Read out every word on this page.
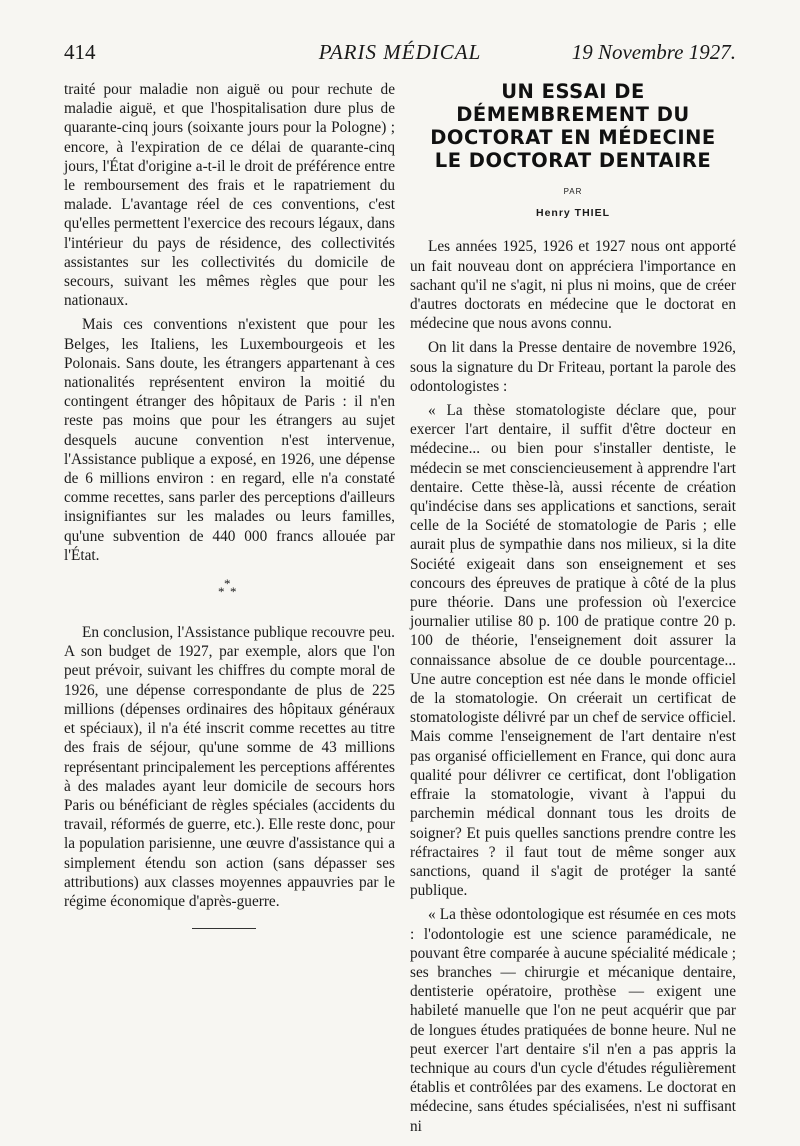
414	PARIS MÉDICAL	19 Novembre 1927.

traité pour maladie non aiguë ou pour rechute de maladie aiguë, et que l'hospitalisation dure plus de quarante-cinq jours (soixante jours pour la Pologne) ; encore, à l'expiration de ce délai de quarante-cinq jours, l'État d'origine a-t-il le droit de préférence entre le remboursement des frais et le rapatriement du malade. L'avantage réel de ces conventions, c'est qu'elles permettent l'exercice des recours légaux, dans l'intérieur du pays de résidence, des collectivités assistantes sur les collectivités du domicile de secours, suivant les mêmes règles que pour les nationaux.

Mais ces conventions n'existent que pour les Belges, les Italiens, les Luxembourgeois et les Polonais. Sans doute, les étrangers appartenant à ces nationalités représentent environ la moitié du contingent étranger des hôpitaux de Paris : il n'en reste pas moins que pour les étrangers au sujet desquels aucune convention n'est intervenue, l'Assistance publique a exposé, en 1926, une dépense de 6 millions environ : en regard, elle n'a constaté comme recettes, sans parler des perceptions d'ailleurs insignifiantes sur les malades ou leurs familles, qu'une subvention de 440 000 francs allouée par l'État.

*
* *

En conclusion, l'Assistance publique recouvre peu. A son budget de 1927, par exemple, alors que l'on peut prévoir, suivant les chiffres du compte moral de 1926, une dépense correspondante de plus de 225 millions (dépenses ordinaires des hôpitaux généraux et spéciaux), il n'a été inscrit comme recettes au titre des frais de séjour, qu'une somme de 43 millions représentant principalement les perceptions afférentes à des malades ayant leur domicile de secours hors Paris ou bénéficiant de règles spéciales (accidents du travail, réformés de guerre, etc.). Elle reste donc, pour la population parisienne, une œuvre d'assistance qui a simplement étendu son action (sans dépasser ses attributions) aux classes moyennes appauvries par le régime économique d'après-guerre.

UN ESSAI DE
DÉMEMBREMENT DU
DOCTORAT EN MÉDECINE
LE DOCTORAT DENTAIRE
PAR
Henry THIEL

Les années 1925, 1926 et 1927 nous ont apporté un fait nouveau dont on appréciera l'importance en sachant qu'il ne s'agit, ni plus ni moins, que de créer d'autres doctorats en médecine que le doctorat en médecine que nous avons connu.

On lit dans la Presse dentaire de novembre 1926, sous la signature du Dr Friteau, portant la parole des odontologistes :

« La thèse stomatologiste déclare que, pour exercer l'art dentaire, il suffit d'être docteur en médecine... ou bien pour s'installer dentiste, le médecin se met consciencieusement à apprendre l'art dentaire. Cette thèse-là, aussi récente de création qu'indécise dans ses applications et sanctions, serait celle de la Société de stomatologie de Paris ; elle aurait plus de sympathie dans nos milieux, si la dite Société exigeait dans son enseignement et ses concours des épreuves de pratique à côté de la plus pure théorie. Dans une profession où l'exercice journalier utilise 80 p. 100 de pratique contre 20 p. 100 de théorie, l'enseignement doit assurer la connaissance absolue de ce double pourcentage... Une autre conception est née dans le monde officiel de la stomatologie. On créerait un certificat de stomatologiste délivré par un chef de service officiel. Mais comme l'enseignement de l'art dentaire n'est pas organisé officiellement en France, qui donc aura qualité pour délivrer ce certificat, dont l'obligation effraie la stomatologie, vivant à l'appui du parchemin médical donnant tous les droits de soigner? Et puis quelles sanctions prendre contre les réfractaires ? il faut tout de même songer aux sanctions, quand il s'agit de protéger la santé publique.

« La thèse odontologique est résumée en ces mots : l'odontologie est une science paramédicale, ne pouvant être comparée à aucune spécialité médicale ; ses branches — chirurgie et mécanique dentaire, dentisterie opératoire, prothèse — exigent une habileté manuelle que l'on ne peut acquérir que par de longues études pratiquées de bonne heure. Nul ne peut exercer l'art dentaire s'il n'en a pas appris la technique au cours d'un cycle d'études régulièrement établis et contrôlées par des examens. Le doctorat en médecine, sans études spécialisées, n'est ni suffisant ni
